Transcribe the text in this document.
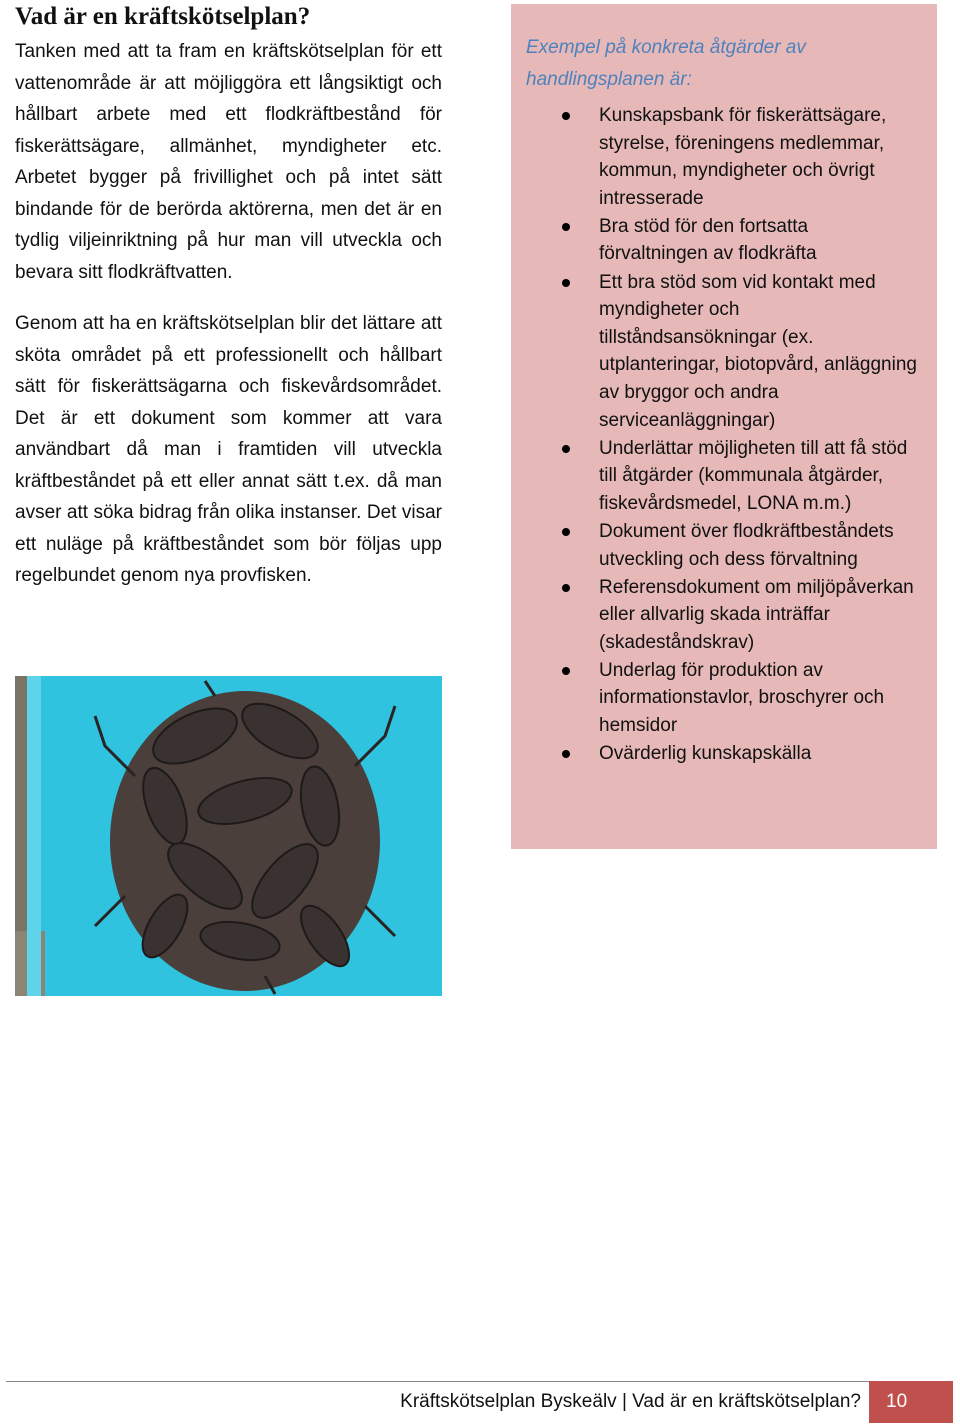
Vad är en kräftskötselplan?

Tanken med att ta fram en kräftskötselplan för ett vattenområde är att möjliggöra ett långsiktigt och hållbart arbete med ett flodkräftbestånd för fiskerättsägare, allmänhet, myndigheter etc. Arbetet bygger på frivillighet och på intet sätt bindande för de berörda aktörerna, men det är en tydlig viljeinriktning på hur man vill utveckla och bevara sitt flodkräftvatten.

Genom att ha en kräftskötselplan blir det lättare att sköta området på ett professionellt och hållbart sätt för fiskerättsägarna och fiskevårdsområdet. Det är ett dokument som kommer att vara användbart då man i framtiden vill utveckla kräftbeståndet på ett eller annat sätt t.ex. då man avser att söka bidrag från olika instanser. Det visar ett nuläge på kräftbeståndet som bör följas upp regelbundet genom nya provfisken.

Exempel på konkreta åtgärder av handlingsplanen är:

Kunskapsbank för fiskerättsägare, styrelse, föreningens medlemmar, kommun, myndigheter och övrigt intresserade
Bra stöd för den fortsatta förvaltningen av flodkräfta
Ett bra stöd som vid kontakt med myndigheter och tillståndsansökningar (ex. utplanteringar, biotopvård, anläggning av bryggor och andra serviceanläggningar)
Underlättar möjligheten till att få stöd till åtgärder (kommunala åtgärder, fiskevårdsmedel, LONA m.m.)
Dokument över flodkräftbeståndets utveckling och dess förvaltning
Referensdokument om miljöpåverkan eller allvarlig skada inträffar (skadeståndskrav)
Underlag för produktion av informationstavlor, broschyrer och hemsidor
Ovärderlig kunskapskälla
Kräftskötselplan Byskeälv | Vad är en kräftskötselplan?	10
